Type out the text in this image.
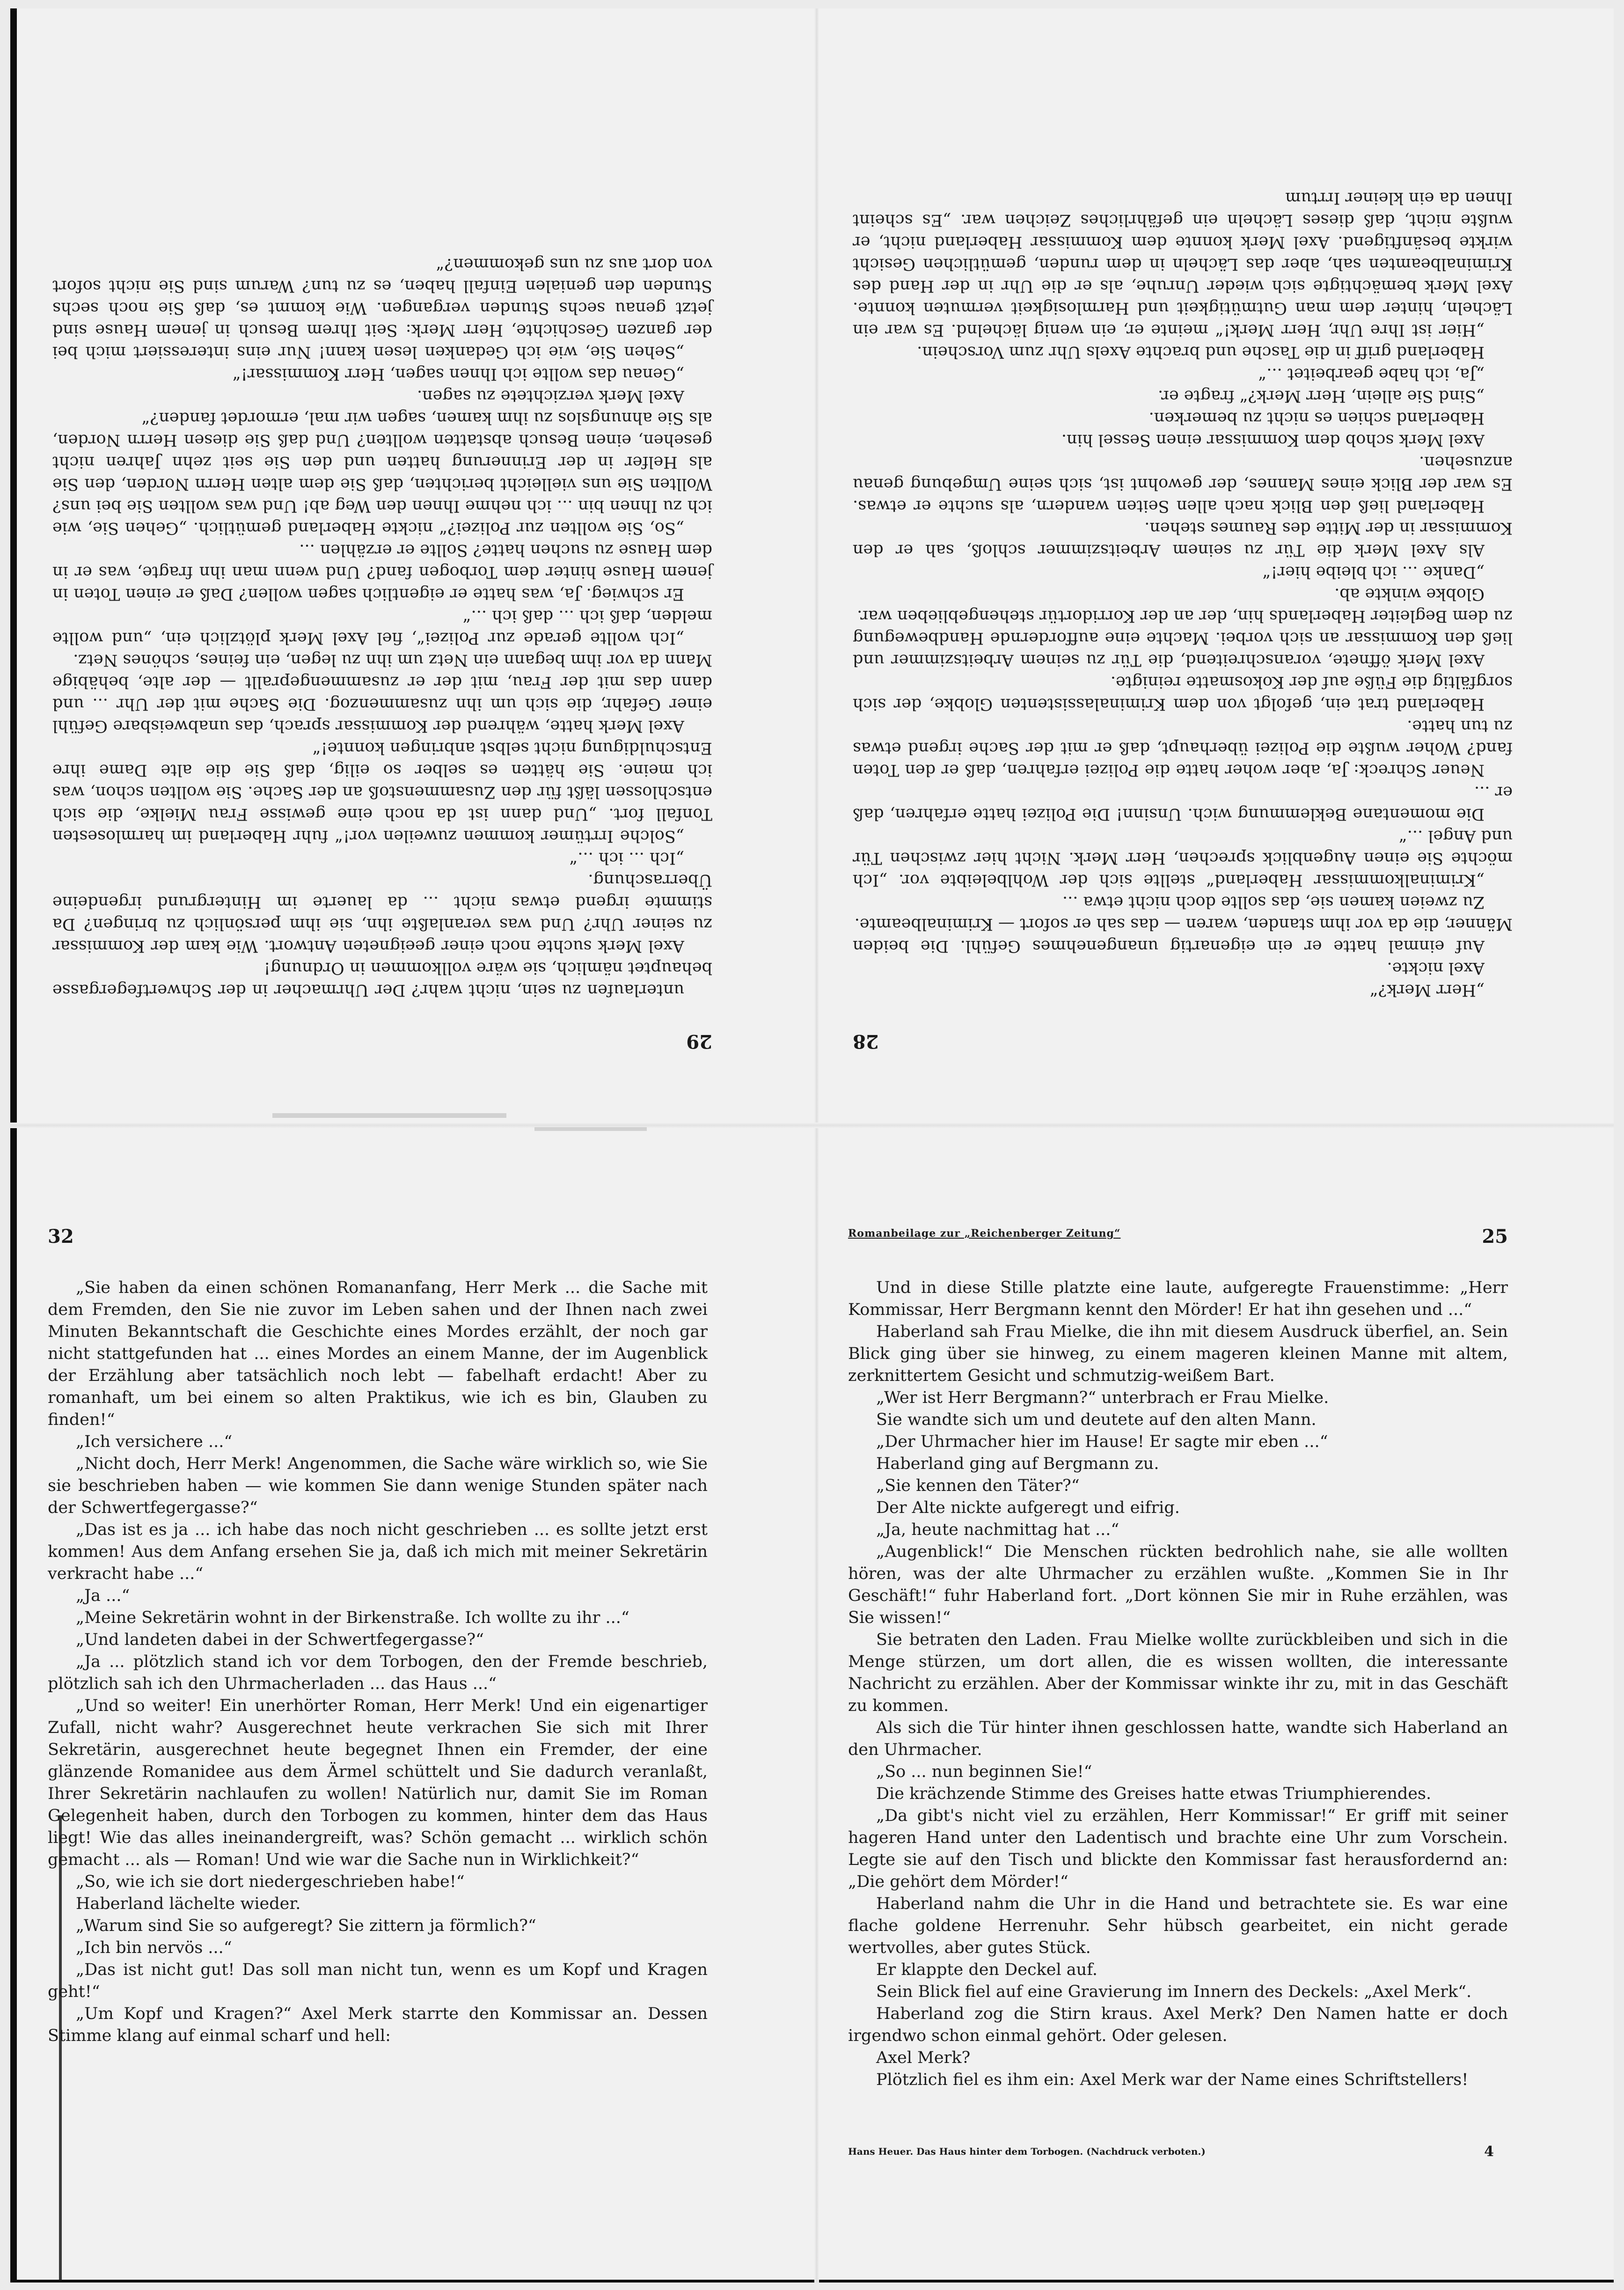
29

unterlaufen zu sein, nicht wahr? Der Uhrmacher in der Schwertfegergasse behauptet nämlich, sie wäre vollkommen in Ordnung!

Axel Merk suchte noch einer geeigneten Antwort. Wie kam der Kommissar zu seiner Uhr? Und was veranlaßte ihn, sie ihm persönlich zu bringen? Da stimmte irgend etwas nicht ... da lauerte im Hintergrund irgendeine Überraschung.

„Ich ... ich ...“

„Solche Irrtümer kommen zuweilen vor!“ fuhr Haberland im harmlosesten Tonfall fort. „Und dann ist da noch eine gewisse Frau Mielke, die sich entschlossen läßt für den Zusammenstoß an der Sache. Sie wollten schon, was ich meine. Sie hätten es selber so eilig, daß Sie die alte Dame ihre Entschuldigung nicht selbst anbringen konnte!“

Axel Merk hatte, während der Kommissar sprach, das unabweisbare Gefühl einer Gefahr, die sich um ihn zusammenzog. Die Sache mit der Uhr ... und dann das mit der Frau, mit der er zusammengeprallt — der alte, behäbige Mann da vor ihm begann ein Netz um ihn zu legen, ein feines, schönes Netz.

„Ich wollte gerade zur Polizei“, fiel Axel Merk plötzlich ein, „und wollte melden, daß ich ... daß ich ...“

Er schwieg. Ja, was hatte er eigentlich sagen wollen? Daß er einen Toten in jenem Hause hinter dem Torbogen fand? Und wenn man ihn fragte, was er in dem Hause zu suchen hatte? Sollte er erzählen ...

„So, Sie wollten zur Polizei?“ nickte Haberland gemütlich. „Gehen Sie, wie ich zu Ihnen bin ... ich nehme Ihnen den Weg ab! Und was wollten Sie bei uns? Wollten Sie uns vielleicht berichten, daß Sie dem alten Herrn Norden, den Sie als Helfer in der Erinnerung hatten und den Sie seit zehn Jahren nicht gesehen, einen Besuch abstatten wollten? Und daß Sie diesen Herrn Norden, als Sie ahnungslos zu ihm kamen, sagen wir mal, ermordet fanden?“

Axel Merk verzichtete zu sagen.

„Genau das wollte ich Ihnen sagen, Herr Kommissar!“

„Sehen Sie, wie ich Gedanken lesen kann! Nur eins interessiert mich bei der ganzen Geschichte, Herr Merk: Seit Ihrem Besuch in jenem Hause sind jetzt genau sechs Stunden vergangen. Wie kommt es, daß Sie noch sechs Stunden den genialen Einfall haben, es zu tun? Warum sind Sie nicht sofort von dort aus zu uns gekommen?“

28

„Herr Merk?“

Axel nickte.

Auf einmal hatte er ein eigenartig unangenehmes Gefühl. Die beiden Männer, die da vor ihm standen, waren — das sah er sofort — Kriminalbeamte.

Zu zweien kamen sie, das sollte doch nicht etwa ...

„Kriminalkommissar Haberland“ stellte sich der Wohlbeleibte vor. „Ich möchte Sie einen Augenblick sprechen, Herr Merk. Nicht hier zwischen Tür und Angel ...“

Die momentane Beklemmung wich. Unsinn! Die Polizei hatte erfahren, daß er ...

Neuer Schreck: Ja, aber woher hatte die Polizei erfahren, daß er den Toten fand? Woher wußte die Polizei überhaupt, daß er mit der Sache irgend etwas zu tun hatte.

Haberland trat ein, gefolgt von dem Kriminalassistenten Globke, der sich sorgfältig die Füße auf der Kokosmatte reinigte.

Axel Merk öffnete, voranschreitend, die Tür zu seinem Arbeitszimmer und ließ den Kommissar an sich vorbei. Machte eine auffordernde Handbewegung zu dem Begleiter Haberlands hin, der an der Korridortür stehengeblieben war.

Globke winkte ab.

„Danke ... ich bleibe hier!“

Als Axel Merk die Tür zu seinem Arbeitszimmer schloß, sah er den Kommissar in der Mitte des Raumes stehen.

Haberland ließ den Blick nach allen Seiten wandern, als suchte er etwas. Es war der Blick eines Mannes, der gewohnt ist, sich seine Umgebung genau anzusehen.

Axel Merk schob dem Kommissar einen Sessel hin.

Haberland schien es nicht zu bemerken.

„Sind Sie allein, Herr Merk?“ fragte er.

„Ja, ich habe gearbeitet ...“

Haberland griff in die Tasche und brachte Axels Uhr zum Vorschein.

„Hier ist Ihre Uhr, Herr Merk!“ meinte er, ein wenig lächelnd. Es war ein Lächeln, hinter dem man Gutmütigkeit und Harmlosigkeit vermuten konnte. Axel Merk bemächtigte sich wieder Unruhe, als er die Uhr in der Hand des Kriminalbeamten sah, aber das Lächeln in dem runden, gemütlichen Gesicht wirkte besänftigend. Axel Merk konnte dem Kommissar Haberland nicht, er wußte nicht, daß dieses Lächeln ein gefährliches Zeichen war. „Es scheint Ihnen da ein kleiner Irrtum

32

„Sie haben da einen schönen Romananfang, Herr Merk ... die Sache mit dem Fremden, den Sie nie zuvor im Leben sahen und der Ihnen nach zwei Minuten Bekanntschaft die Geschichte eines Mordes erzählt, der noch gar nicht stattgefunden hat ... eines Mordes an einem Manne, der im Augenblick der Erzählung aber tatsächlich noch lebt — fabelhaft erdacht! Aber zu romanhaft, um bei einem so alten Praktikus, wie ich es bin, Glauben zu finden!“

„Ich versichere ...“

„Nicht doch, Herr Merk! Angenommen, die Sache wäre wirklich so, wie Sie sie beschrieben haben — wie kommen Sie dann wenige Stunden später nach der Schwertfegergasse?“

„Das ist es ja ... ich habe das noch nicht geschrieben ... es sollte jetzt erst kommen! Aus dem Anfang ersehen Sie ja, daß ich mich mit meiner Sekretärin verkracht habe ...“

„Ja ...“

„Meine Sekretärin wohnt in der Birkenstraße. Ich wollte zu ihr ...“

„Und landeten dabei in der Schwertfegergasse?“

„Ja ... plötzlich stand ich vor dem Torbogen, den der Fremde beschrieb, plötzlich sah ich den Uhrmacherladen ... das Haus ...“

„Und so weiter! Ein unerhörter Roman, Herr Merk! Und ein eigenartiger Zufall, nicht wahr? Ausgerechnet heute verkrachen Sie sich mit Ihrer Sekretärin, ausgerechnet heute begegnet Ihnen ein Fremder, der eine glänzende Romanidee aus dem Ärmel schüttelt und Sie dadurch veranlaßt, Ihrer Sekretärin nachlaufen zu wollen! Natürlich nur, damit Sie im Roman Gelegenheit haben, durch den Torbogen zu kommen, hinter dem das Haus liegt! Wie das alles ineinandergreift, was? Schön gemacht ... wirklich schön gemacht ... als — Roman! Und wie war die Sache nun in Wirklichkeit?“

„So, wie ich sie dort niedergeschrieben habe!“

Haberland lächelte wieder.

„Warum sind Sie so aufgeregt? Sie zittern ja förmlich?“

„Ich bin nervös ...“

„Das ist nicht gut! Das soll man nicht tun, wenn es um Kopf und Kragen geht!“

„Um Kopf und Kragen?“ Axel Merk starrte den Kommissar an. Dessen Stimme klang auf einmal scharf und hell:

Romanbeilage zur „Reichenberger Zeitung“	25

Und in diese Stille platzte eine laute, aufgeregte Frauenstimme: „Herr Kommissar, Herr Bergmann kennt den Mörder! Er hat ihn gesehen und ...“

Haberland sah Frau Mielke, die ihn mit diesem Ausdruck überfiel, an. Sein Blick ging über sie hinweg, zu einem mageren kleinen Manne mit altem, zerknittertem Gesicht und schmutzig-weißem Bart.

„Wer ist Herr Bergmann?“ unterbrach er Frau Mielke.

Sie wandte sich um und deutete auf den alten Mann.

„Der Uhrmacher hier im Hause! Er sagte mir eben ...“

Haberland ging auf Bergmann zu.

„Sie kennen den Täter?“

Der Alte nickte aufgeregt und eifrig.

„Ja, heute nachmittag hat ...“

„Augenblick!“ Die Menschen rückten bedrohlich nahe, sie alle wollten hören, was der alte Uhrmacher zu erzählen wußte. „Kommen Sie in Ihr Geschäft!“ fuhr Haberland fort. „Dort können Sie mir in Ruhe erzählen, was Sie wissen!“

Sie betraten den Laden. Frau Mielke wollte zurückbleiben und sich in die Menge stürzen, um dort allen, die es wissen wollten, die interessante Nachricht zu erzählen. Aber der Kommissar winkte ihr zu, mit in das Geschäft zu kommen.

Als sich die Tür hinter ihnen geschlossen hatte, wandte sich Haberland an den Uhrmacher.

„So ... nun beginnen Sie!“

Die krächzende Stimme des Greises hatte etwas Triumphierendes.

„Da gibt's nicht viel zu erzählen, Herr Kommissar!“ Er griff mit seiner hageren Hand unter den Ladentisch und brachte eine Uhr zum Vorschein. Legte sie auf den Tisch und blickte den Kommissar fast herausfordernd an: „Die gehört dem Mörder!“

Haberland nahm die Uhr in die Hand und betrachtete sie. Es war eine flache goldene Herrenuhr. Sehr hübsch gearbeitet, ein nicht gerade wertvolles, aber gutes Stück.

Er klappte den Deckel auf.

Sein Blick fiel auf eine Gravierung im Innern des Deckels: „Axel Merk“.

Haberland zog die Stirn kraus. Axel Merk? Den Namen hatte er doch irgendwo schon einmal gehört. Oder gelesen.

Axel Merk?

Plötzlich fiel es ihm ein: Axel Merk war der Name eines Schriftstellers!

Hans Heuer. Das Haus hinter dem Torbogen. (Nachdruck verboten.)	4
